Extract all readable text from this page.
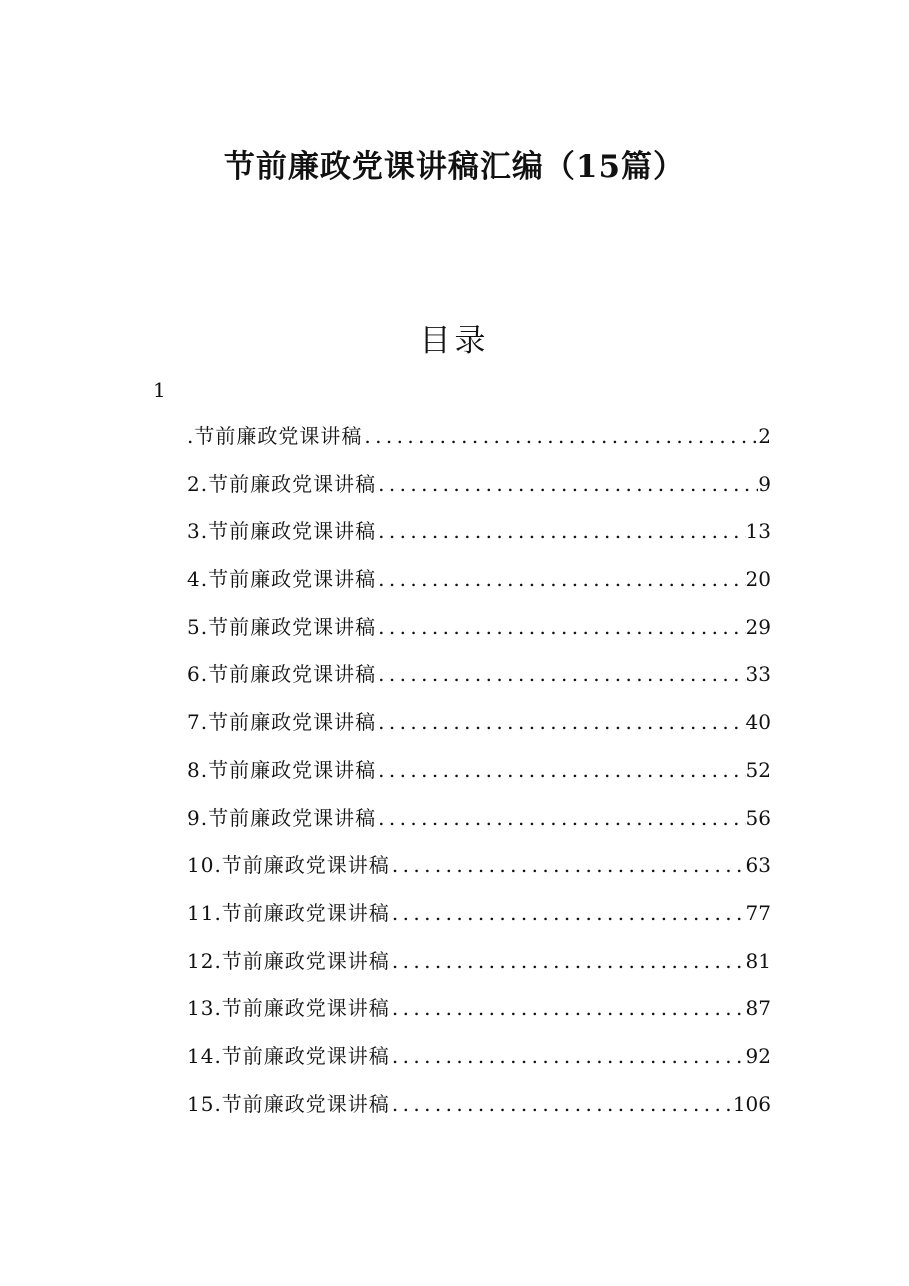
节前廉政党课讲稿汇编（15篇）
目录
1
.节前廉政党课讲稿 .....	2
2.节前廉政党课讲稿 .....	9
3.节前廉政党课讲稿 .....	13
4.节前廉政党课讲稿 .....	20
5.节前廉政党课讲稿 .....	29
6.节前廉政党课讲稿 .....	33
7.节前廉政党课讲稿 .....	40
8.节前廉政党课讲稿 .....	52
9.节前廉政党课讲稿 .....	56
10.节前廉政党课讲稿 .....	63
11.节前廉政党课讲稿 .....	77
12.节前廉政党课讲稿 .....	81
13.节前廉政党课讲稿 .....	87
14.节前廉政党课讲稿 .....	92
15.节前廉政党课讲稿 .....	106
